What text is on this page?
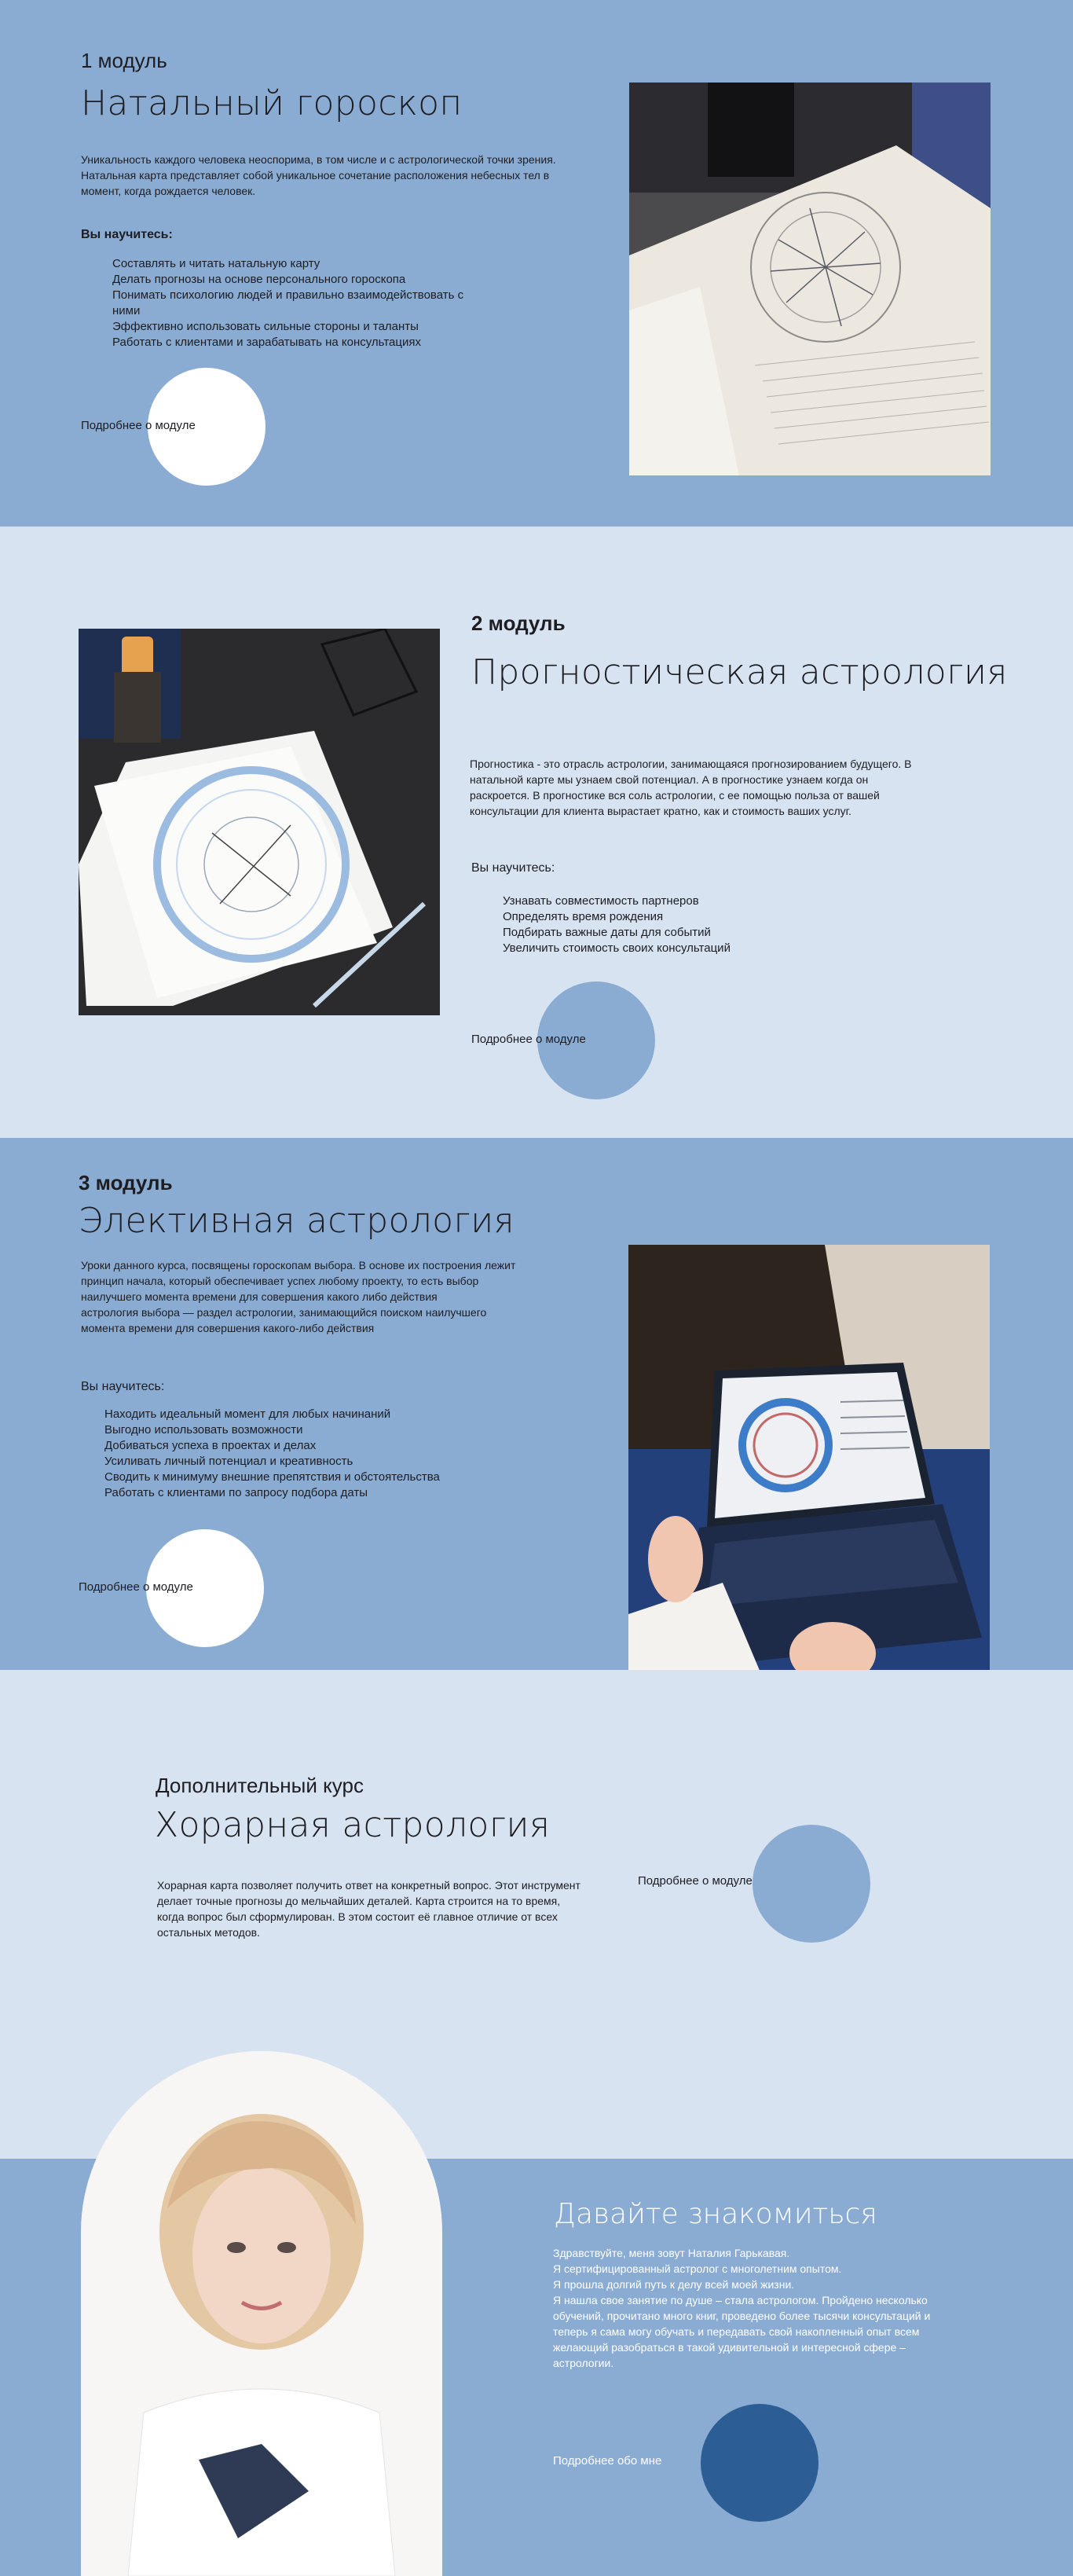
1 модуль
Натальный гороскоп

Уникальность каждого человека неоспорима, в том числе и с астрологической точки зрения. Натальная карта представляет собой уникальное сочетание расположения небесных тел в момент, когда рождается человек.

Вы научитесь:
Составлять и читать натальную карту
Делать прогнозы на основе персонального гороскопа
Понимать психологию людей и правильно взаимодействовать с ними
Эффективно использовать сильные стороны и таланты
Работать с клиентами и зарабатывать на консультациях
Подробнее о модуле
2 модуль
Прогностическая астрология

Прогностика - это отрасль астрологии, занимающаяся прогнозированием будущего. В натальной карте мы узнаем свой потенциал. А в прогностике узнаем когда он раскроется. В прогностике вся соль астрологии, с ее помощью польза от вашей консультации для клиента вырастает кратно, как и стоимость ваших услуг.

Вы научитесь:
Узнавать совместимость партнеров
Определять время рождения
Подбирать важные даты для событий
Увеличить стоимость своих консультаций
Подробнее о модуле
3 модуль
Элективная астрология

Уроки данного курса, посвящены гороскопам выбора. В основе их построения лежит принцип начала, который обеспечивает успех любому проекту, то есть выбор наилучшего момента времени для совершения какого либо действия
астрология выбора — раздел астрологии, занимающийся поиском наилучшего момента времени для совершения какого-либо действия

Вы научитесь:
Находить идеальный момент для любых начинаний
Выгодно использовать возможности
Добиваться успеха в проектах и делах
Усиливать личный потенциал и креативность
Сводить к минимуму внешние препятствия и обстоятельства
Работать с клиентами по запросу подбора даты
Подробнее о модуле
Дополнительный курс
Хорарная астрология

Хорарная карта позволяет получить ответ на конкретный вопрос. Этот инструмент делает точные прогнозы до мельчайших деталей. Карта строится на то время, когда вопрос был сформулирован. В этом состоит её главное отличие от всех остальных методов.

Подробнее о модуле
Давайте знакомиться

Здравствуйте, меня зовут Наталия Гарькавая.
Я сертифицированный астролог с многолетним опытом.
Я прошла долгий путь к делу всей моей жизни.
Я нашла свое занятие по душе – стала астрологом. Пройдено несколько обучений, прочитано много книг, проведено более тысячи консультаций и теперь я сама могу обучать и передавать свой накопленный опыт всем желающий разобраться в такой удивительной и интересной сфере – астрологии.

Подробнее обо мне
